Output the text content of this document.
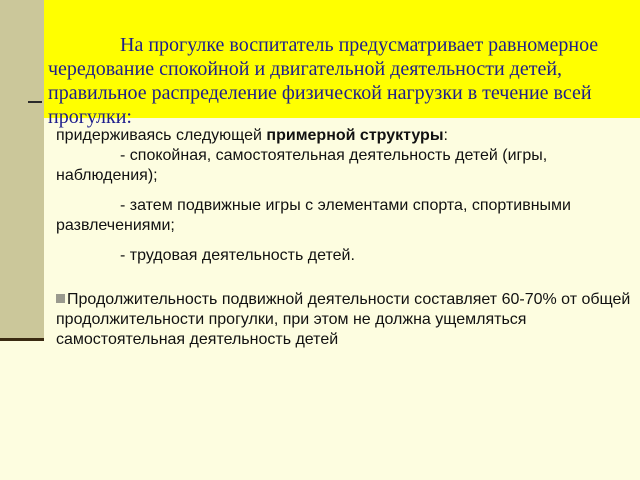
придерживаясь следующей примерной структуры:

- спокойная, самостоятельная деятельность детей (игры, наблюдения);

- затем подвижные игры с элементами спорта, спортивными развлечениями;

- трудовая деятельность детей.

Продолжительность подвижной деятельности составляет 60-70% от общей продолжительности прогулки, при этом не должна ущемляться самостоятельная деятельность детей

На прогулке воспитатель предусматривает равномерное чередование спокойной и двигательной деятельности детей, правильное распределение физической нагрузки в течение всей прогулки:
